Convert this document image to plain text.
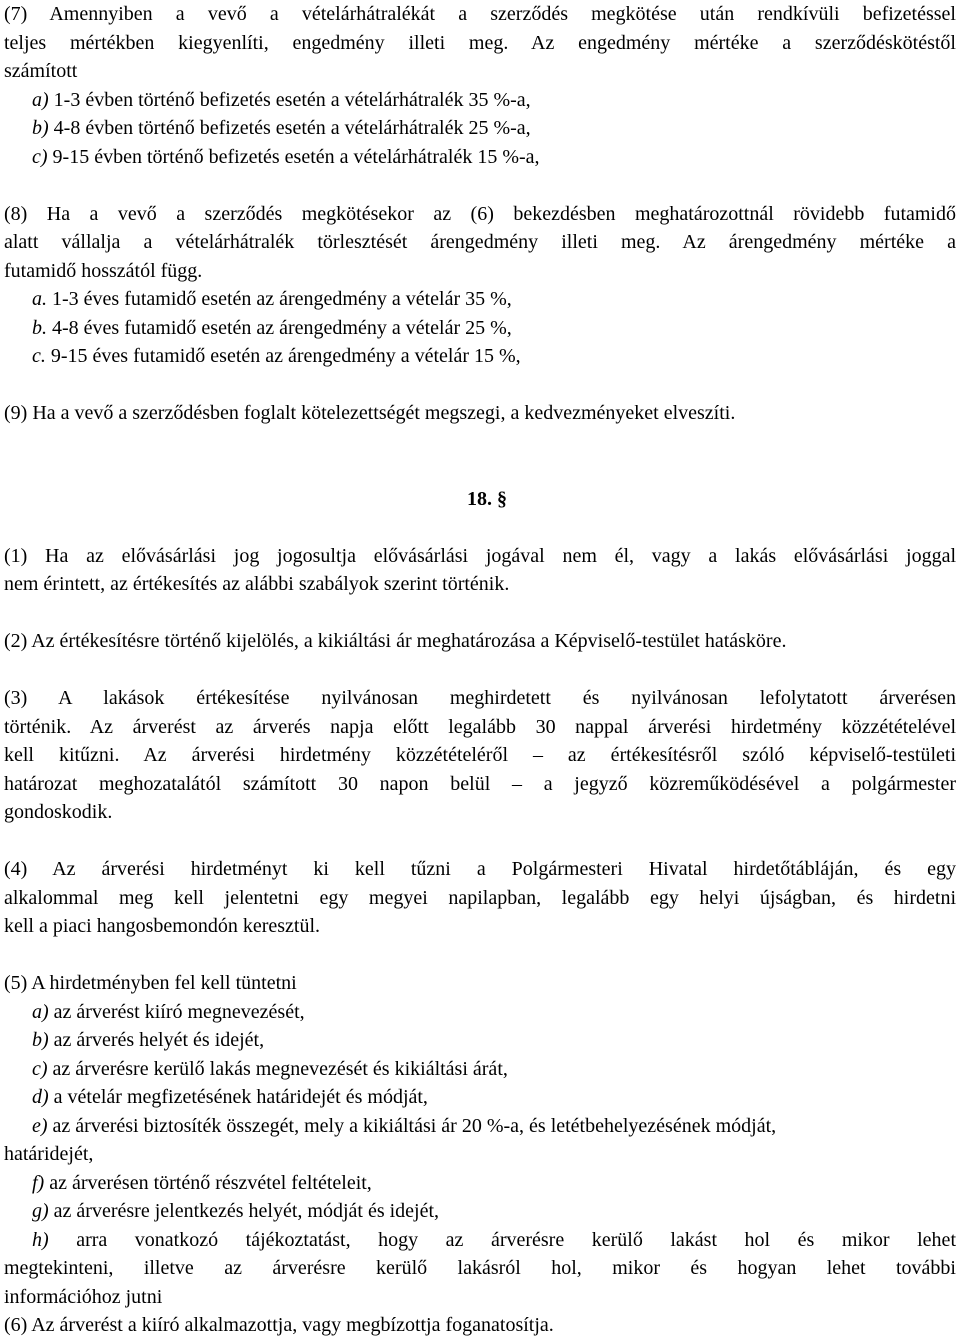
(7) Amennyiben a vevő a vételárhátralékát a szerződés megkötése után rendkívüli befizetéssel
teljes mértékben kiegyenlíti, engedmény illeti meg. Az engedmény mértéke a szerződéskötéstől
számított
a) 1-3 évben történő befizetés esetén a vételárhátralék 35 %-a,
b) 4-8 évben történő befizetés esetén a vételárhátralék 25 %-a,
c) 9-15 évben történő befizetés esetén a vételárhátralék 15 %-a,
(8) Ha a vevő a szerződés megkötésekor az (6) bekezdésben meghatározottnál rövidebb futamidő
alatt vállalja a vételárhátralék törlesztését árengedmény illeti meg. Az árengedmény mértéke a
futamidő hosszától függ.
a. 1-3 éves futamidő esetén az árengedmény a vételár 35 %,
b. 4-8 éves futamidő esetén az árengedmény a vételár 25 %,
c. 9-15 éves futamidő esetén az árengedmény a vételár 15 %,
(9) Ha a vevő a szerződésben foglalt kötelezettségét megszegi, a kedvezményeket elveszíti.
18. §
(1) Ha az elővásárlási jog jogosultja elővásárlási jogával nem él, vagy a lakás elővásárlási joggal
nem érintett, az értékesítés az alábbi szabályok szerint történik.
(2) Az értékesítésre történő kijelölés, a kikiáltási ár meghatározása a Képviselő-testület hatásköre.
(3) A lakások értékesítése nyilvánosan meghirdetett és nyilvánosan lefolytatott árverésen
történik. Az árverést az árverés napja előtt legalább 30 nappal árverési hirdetmény közzétételével
kell kitűzni. Az árverési hirdetmény közzétételéről – az értékesítésről szóló képviselő-testületi
határozat meghozatalától számított 30 napon belül – a jegyző közreműködésével a polgármester
gondoskodik.
(4) Az árverési hirdetményt ki kell tűzni a Polgármesteri Hivatal hirdetőtábláján, és egy
alkalommal meg kell jelentetni egy megyei napilapban, legalább egy helyi újságban, és hirdetni
kell a piaci hangosbemondón keresztül.
(5) A hirdetményben fel kell tüntetni
a) az árverést kiíró megnevezését,
b) az árverés helyét és idejét,
c) az árverésre kerülő lakás megnevezését és kikiáltási árát,
d) a vételár megfizetésének határidejét és módját,
e) az árverési biztosíték összegét, mely a kikiáltási ár 20 %-a, és letétbehelyezésének módját,
határidejét,
f) az árverésen történő részvétel feltételeit,
g) az árverésre jelentkezés helyét, módját és idejét,
h) arra vonatkozó tájékoztatást, hogy az árverésre kerülő lakást hol és mikor lehet
megtekinteni, illetve az árverésre kerülő lakásról hol, mikor és hogyan lehet további
információhoz jutni
(6) Az árverést a kiíró alkalmazottja, vagy megbízottja foganatosítja.
